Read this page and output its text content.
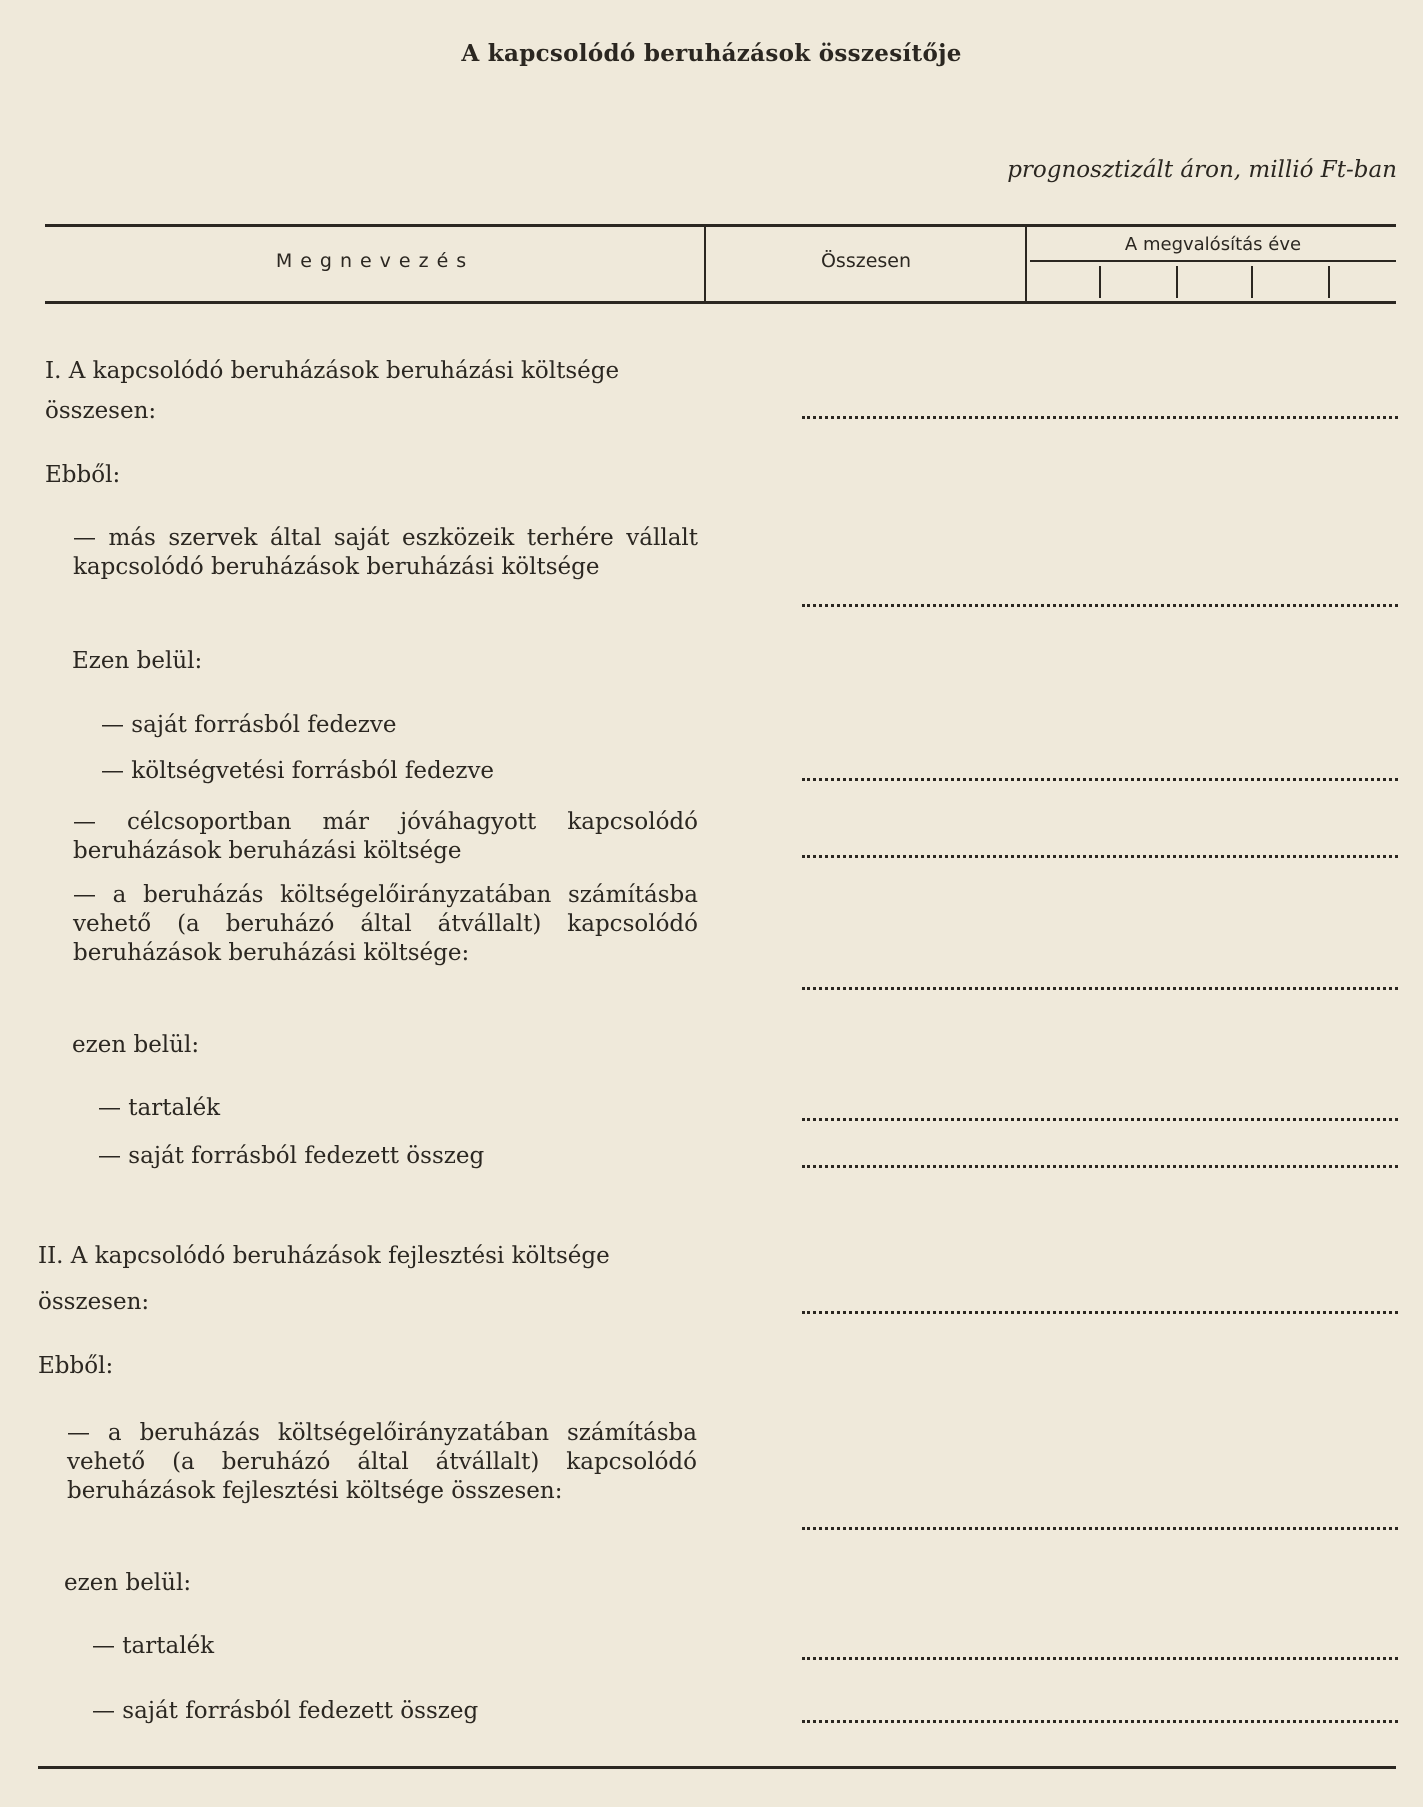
A kapcsolódó beruházások összesítője
prognosztizált áron, millió Ft-ban
Megnevezés	Összesen
A megvalósítás éve
I. A kapcsolódó beruházások beruházási költsége
összesen:
Ebből:
— más szervek által saját eszközeik terhére vállalt kapcsolódó beruházások beruházási költsége
Ezen belül:
— saját forrásból fedezve
— költségvetési forrásból fedezve
— célcsoportban már jóváhagyott kapcsolódó beruházások beruházási költsége
— a beruházás költségelőirányzatában számításba vehető (a beruházó által átvállalt) kapcsolódó beruházások beruházási költsége:
ezen belül:
— tartalék
— saját forrásból fedezett összeg
II. A kapcsolódó beruházások fejlesztési költsége
összesen:
Ebből:
— a beruházás költségelőirányzatában számításba vehető (a beruházó által átvállalt) kapcsolódó beruházások fejlesztési költsége összesen:
ezen belül:
— tartalék
— saját forrásból fedezett összeg
